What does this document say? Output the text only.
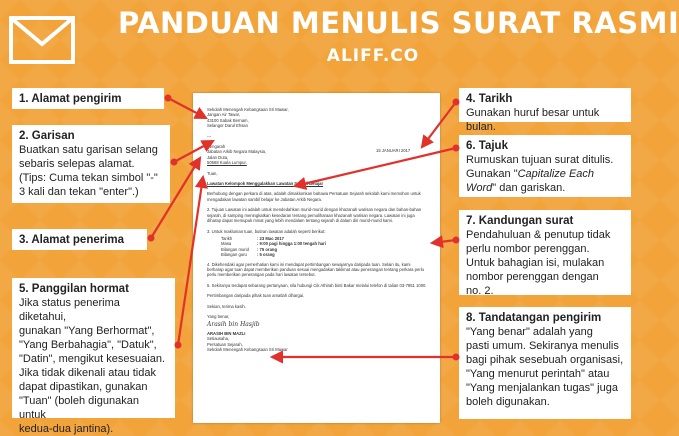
PANDUAN MENULIS SURAT RASMI
ALIFF.CO
1. Alamat pengirim
2. Garisan
Buatkan satu garisan selang
sebaris selepas alamat.
(Tips: Cuma tekan simbol "-"
3 kali dan tekan "enter".)
3. Alamat penerima
5. Panggilan hormat
Jika status penerima diketahui,
gunakan "Yang Berhormat",
"Yang Berbahagia", "Datuk",
"Datin", mengikut kesesuaian.
Jika tidak dikenali atau tidak
dapat dipastikan, gunakan
"Tuan" (boleh digunakan untuk
kedua-dua jantina).
4. Tarikh
Gunakan huruf besar untuk bulan.
6. Tajuk
Rumuskan tujuan surat ditulis.
Gunakan "Capitalize Each
Word" dan gariskan.
7. Kandungan surat
Pendahuluan & penutup tidak
perlu nombor perenggan.
Untuk bahagian isi, mulakan
nombor perenggan dengan
no. 2.
8. Tandatangan pengirim
"Yang benar" adalah yang
pasti umum. Sekiranya menulis
bagi pihak sesebuah organisasi,
"Yang menurut perintah" atau
"Yang menjalankan tugas" juga
boleh digunakan.
Sekolah Menengah Kebangsaan Sri Mawar,
Jangan Air Tawar,
43100 Sabak Bernam,
Selangor Darul Ehsan
---
Pengarah
Jabatan Arkib Negara Malaysia,
Jalan Duta,
50568 Kuala Lumpur.
15 JANUARI 2017
Tuan,
Lawatan Kelompok Menggalakkan Lawatan Sambil Belajar
Berhubung dengan perkara di atas, adalah dimaklumkan bahawa Persatuan Sejarah sekolah kami memohon untuk mengadakan lawatan sambil belajar ke Jabatan Arkib Negara.
2. Tujuan Lawatan ini adalah untuk mendedahkan murid-murid dengan khazanah warisan negara dan bahan-bahan sejarah, di samping meningkatkan kesedaran tentang pemuliharaan khazanah warisan negara. Lawatan ini juga diharap dapat memupuk minat yang lebih mendalam tentang sejarah di dalam diri murid-murid kami.
3. Untuk makluman tuan, butiran lawatan adalah seperti berikut:
Tarikh	: 23 Mac 2017
Masa	: 9:00 pagi hingga 1:00 tengah hari
Bilangan murid	: 75 orang
Bilangan guru	: 5 orang
4. Dikehendaki agar pemerhatian kami ini mendapat pertimbangan sewajarnya daripada tuan. Selain itu, kami berharap agar tuan dapat memberikan panduan sesuai mengadakan taklimat atau penerangan tentang perkara perlu perlu memberikan penerangan pada hari lawatan tersebut.
5. Sekiranya terdapat sebarang pertanyaan, sila hubungi Cik Athirah binti Bakar melalui telefon di talian 03-7951 1000.
Pertimbangan daripada pihak tuan amatlah dihargai.
Sekian, terima kasih.
Yang benar,
Arasih bin Hasjib
ARASIH BIN MAZLI
Setiausaha,
Persatuan Sejarah,
Sekolah Menengah Kebangsaan Sri Mawar
